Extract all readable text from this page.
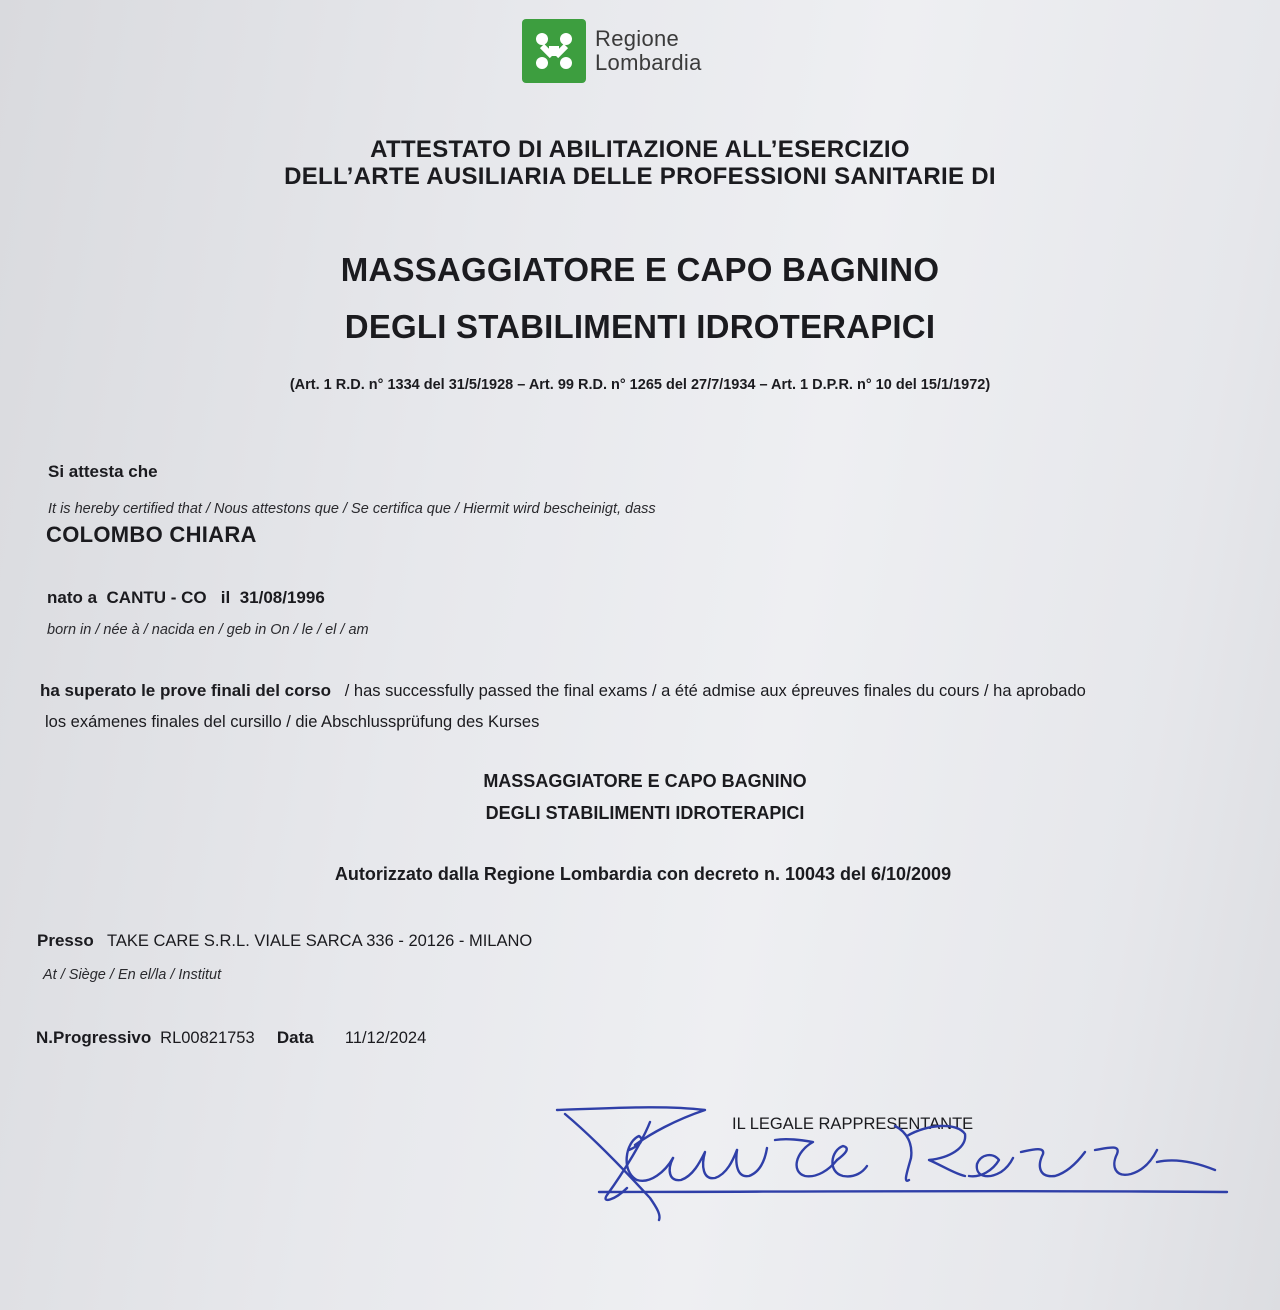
Regione
Lombardia
ATTESTATO DI ABILITAZIONE ALL’ESERCIZIO
DELL’ARTE AUSILIARIA DELLE PROFESSIONI SANITARIE DI
MASSAGGIATORE E CAPO BAGNINO
DEGLI STABILIMENTI IDROTERAPICI
(Art. 1 R.D. n° 1334 del 31/5/1928 – Art. 99 R.D. n° 1265 del 27/7/1934 – Art. 1 D.P.R. n° 10 del 15/1/1972)
Si attesta che
It is hereby certified that / Nous attestons que / Se certifica que / Hiermit wird bescheinigt, dass
COLOMBO CHIARA
nato a CANTU - CO il 31/08/1996
born in / née à / nacida en / geb in On / le / el / am
ha superato le prove finali del corso / has successfully passed the final exams / a été admise aux épreuves finales du cours / ha aprobado
los exámenes finales del cursillo / die Abschlussprüfung des Kurses
MASSAGGIATORE E CAPO BAGNINO
DEGLI STABILIMENTI IDROTERAPICI
Autorizzato dalla Regione Lombardia con decreto n. 10043 del 6/10/2009
Presso TAKE CARE S.R.L. VIALE SARCA 336 - 20126 - MILANO
At / Siège / En el/la / Institut
N.Progressivo RL00821753 Data 11/12/2024
IL LEGALE RAPPRESENTANTE
